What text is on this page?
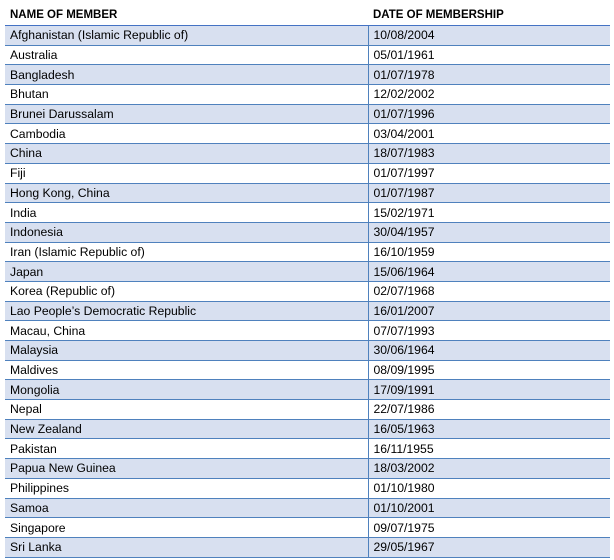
NAME OF MEMBER	DATE OF MEMBERSHIP
Afghanistan (Islamic Republic of)	10/08/2004
Australia	05/01/1961
Bangladesh	01/07/1978
Bhutan	12/02/2002
Brunei Darussalam	01/07/1996
Cambodia	03/04/2001
China	18/07/1983
Fiji	01/07/1997
Hong Kong, China	01/07/1987
India	15/02/1971
Indonesia	30/04/1957
Iran (Islamic Republic of)	16/10/1959
Japan	15/06/1964
Korea (Republic of)	02/07/1968
Lao People’s Democratic Republic	16/01/2007
Macau, China	07/07/1993
Malaysia	30/06/1964
Maldives	08/09/1995
Mongolia	17/09/1991
Nepal	22/07/1986
New Zealand	16/05/1963
Pakistan	16/11/1955
Papua New Guinea	18/03/2002
Philippines	01/10/1980
Samoa	01/10/2001
Singapore	09/07/1975
Sri Lanka	29/05/1967
